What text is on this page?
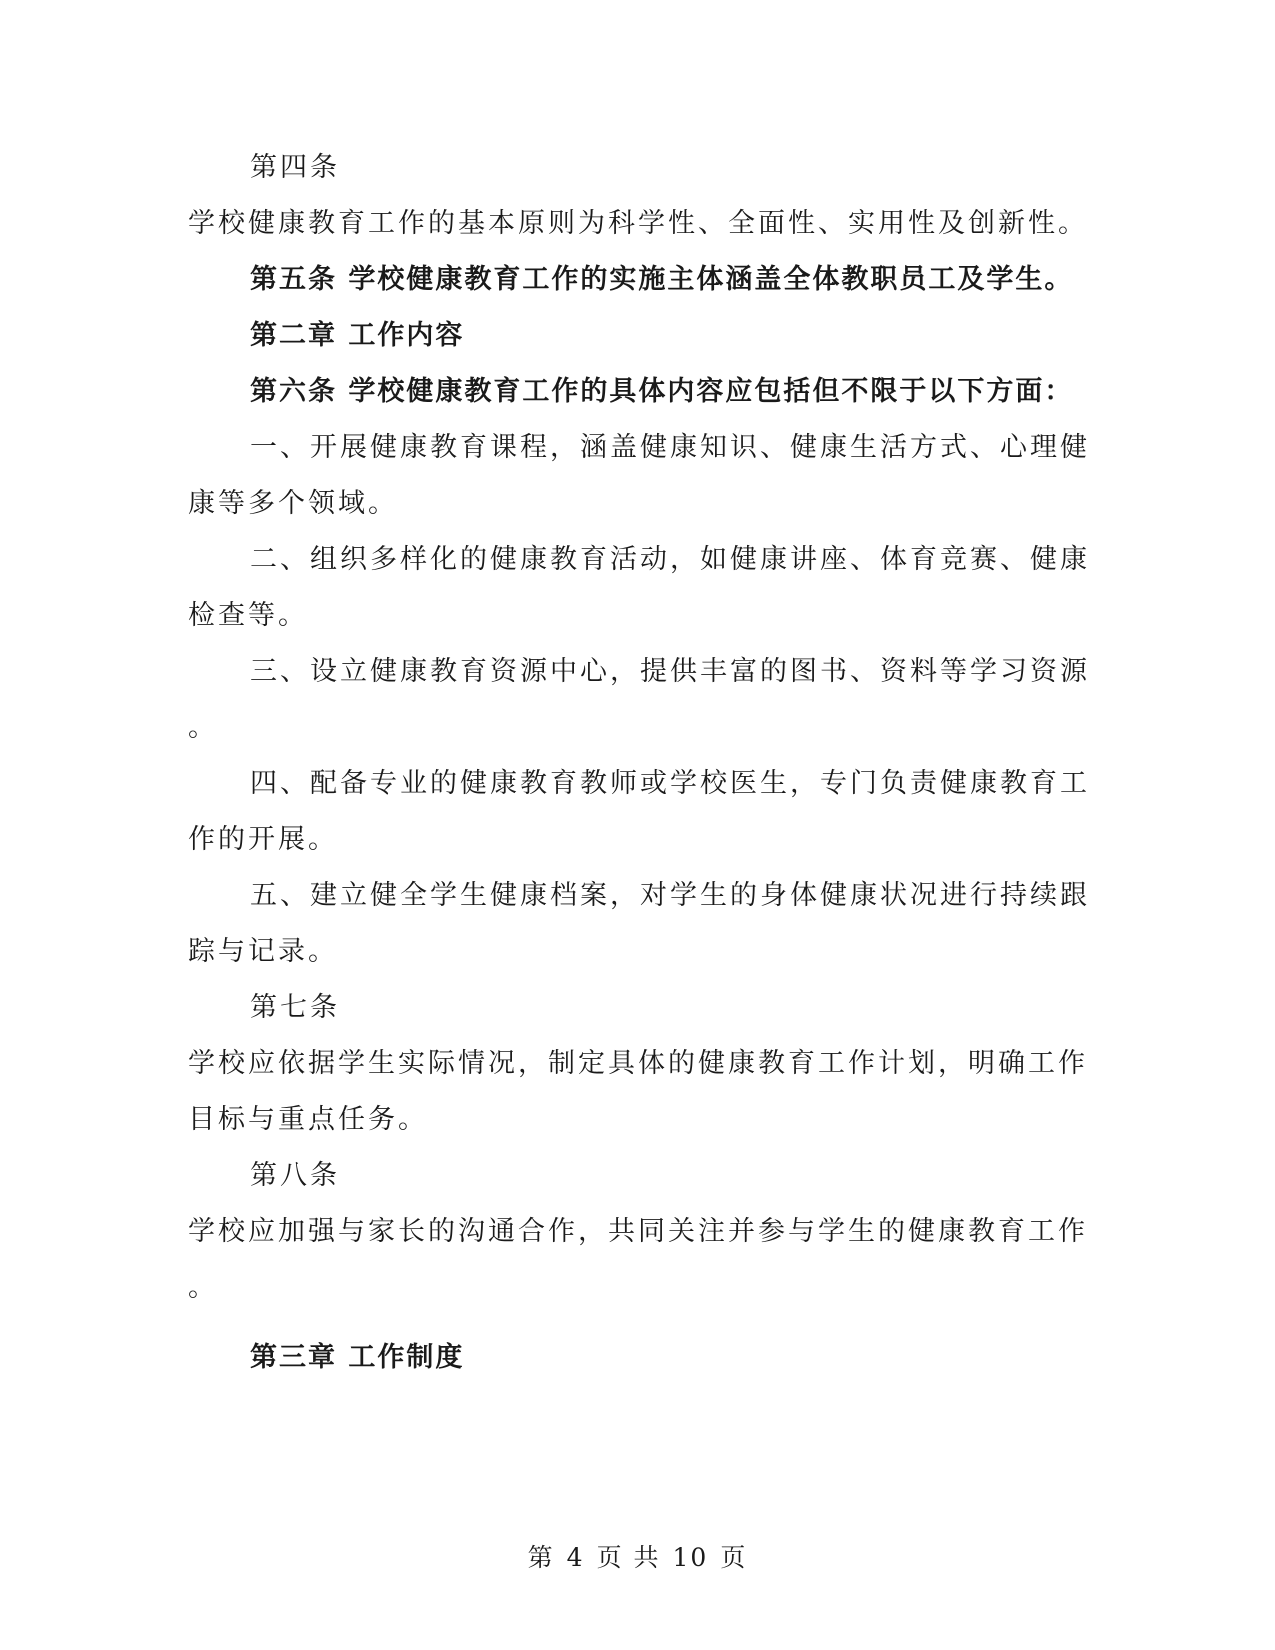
第四条
学校健康教育工作的基本原则为科学性、全面性、实用性及创新性。
第五条 学校健康教育工作的实施主体涵盖全体教职员工及学生。
第二章 工作内容
第六条 学校健康教育工作的具体内容应包括但不限于以下方面：
一、开展健康教育课程，涵盖健康知识、健康生活方式、心理健
康等多个领域。
二、组织多样化的健康教育活动，如健康讲座、体育竞赛、健康
检查等。
三、设立健康教育资源中心，提供丰富的图书、资料等学习资源
。
四、配备专业的健康教育教师或学校医生，专门负责健康教育工
作的开展。
五、建立健全学生健康档案，对学生的身体健康状况进行持续跟
踪与记录。
第七条
学校应依据学生实际情况，制定具体的健康教育工作计划，明确工作
目标与重点任务。
第八条
学校应加强与家长的沟通合作，共同关注并参与学生的健康教育工作
。
第三章 工作制度
第 4 页 共 10 页
